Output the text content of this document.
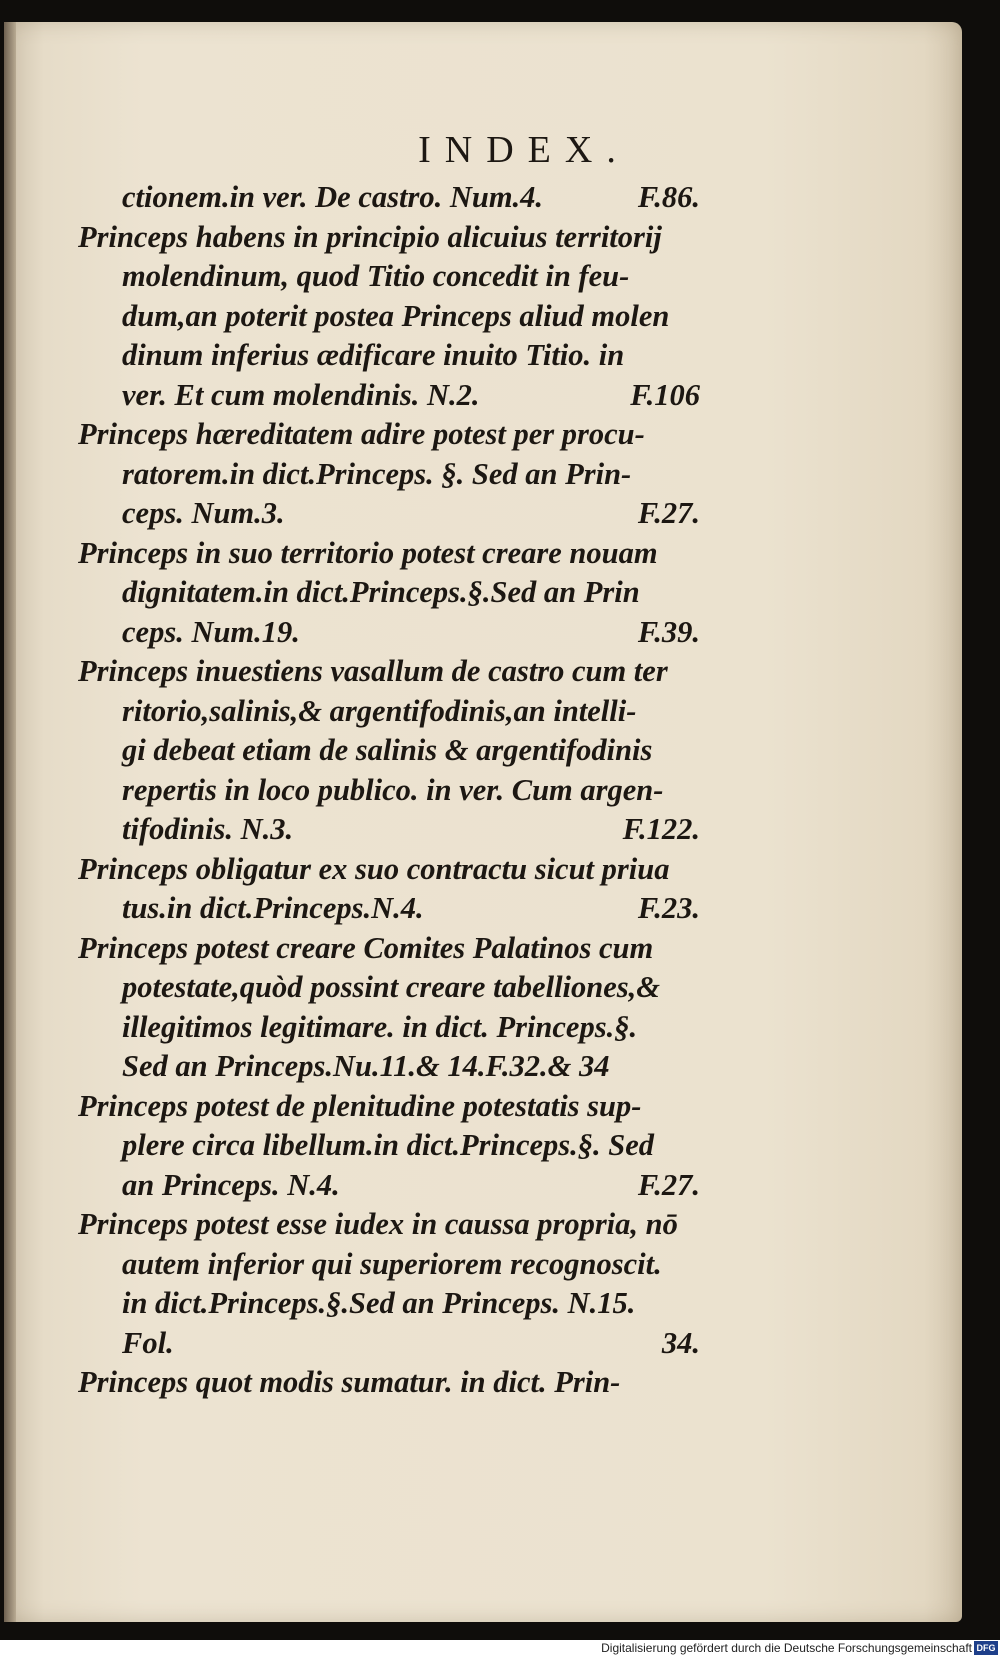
INDEX.
ctionem.in ver. De castro. Num.4.	F.86.
Princeps habens in principio alicuius territorij
molendinum, quod Titio concedit in feu-
dum,an poterit postea Princeps aliud molen
dinum inferius ædificare inuito Titio. in
ver. Et cum molendinis. N.2.	F.106
Princeps hæreditatem adire potest per procu-
ratorem.in dict.Princeps. §. Sed an Prin-
ceps. Num.3.	F.27.
Princeps in suo territorio potest creare nouam
dignitatem.in dict.Princeps.§.Sed an Prin
ceps. Num.19.	F.39.
Princeps inuestiens vasallum de castro cum ter
ritorio,salinis,& argentifodinis,an intelli-
gi debeat etiam de salinis & argentifodinis
repertis in loco publico. in ver. Cum argen-
tifodinis. N.3.	F.122.
Princeps obligatur ex suo contractu sicut priua
tus.in dict.Princeps.N.4.	F.23.
Princeps potest creare Comites Palatinos cum
potestate,quòd possint creare tabelliones,&
illegitimos legitimare. in dict. Princeps.§.
Sed an Princeps.Nu.11.& 14.F.32.& 34
Princeps potest de plenitudine potestatis sup-
plere circa libellum.in dict.Princeps.§. Sed
an Princeps. N.4.	F.27.
Princeps potest esse iudex in caussa propria, nō
autem inferior qui superiorem recognoscit.
in dict.Princeps.§.Sed an Princeps. N.15.
Fol.	34.
Princeps quot modis sumatur. in dict. Prin-
Digitalisierung gefördert durch die Deutsche Forschungsgemeinschaft DFG
